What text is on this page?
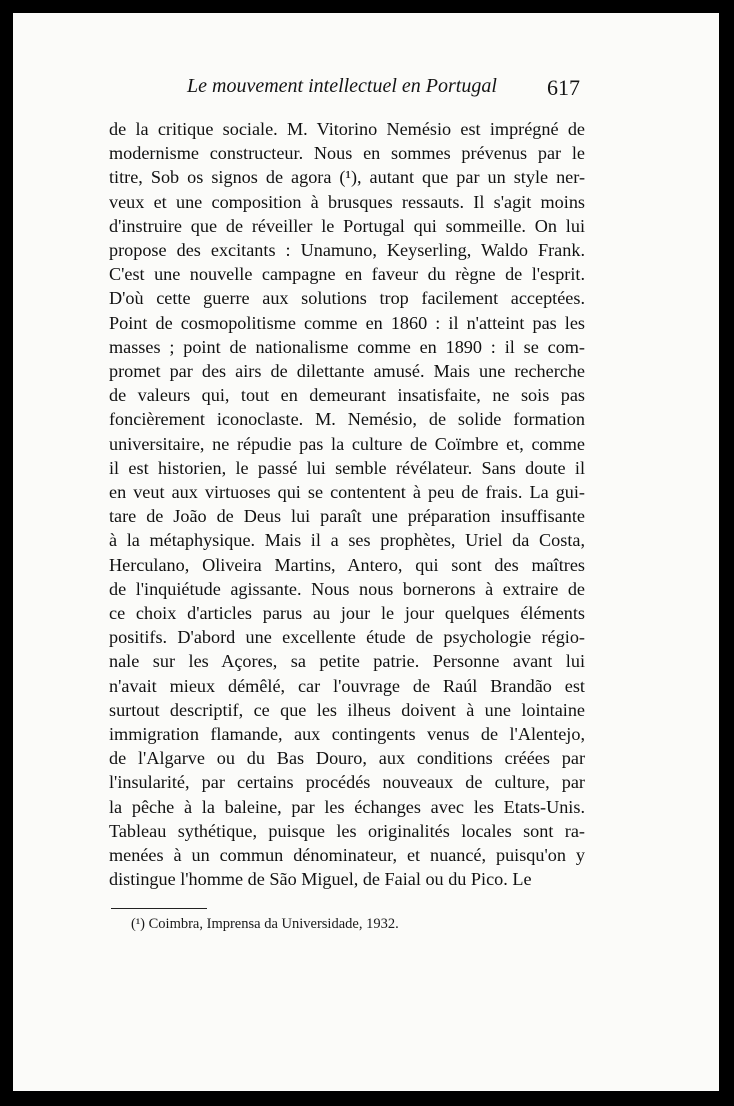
Le mouvement intellectuel en Portugal 617
de la critique sociale. M. Vitorino Nemésio est imprégné de
modernisme constructeur. Nous en sommes prévenus par le
titre, Sob os signos de agora (¹), autant que par un style ner-
veux et une composition à brusques ressauts. Il s'agit moins
d'instruire que de réveiller le Portugal qui sommeille. On lui
propose des excitants : Unamuno, Keyserling, Waldo Frank.
C'est une nouvelle campagne en faveur du règne de l'esprit.
D'où cette guerre aux solutions trop facilement acceptées.
Point de cosmopolitisme comme en 1860 : il n'atteint pas les
masses ; point de nationalisme comme en 1890 : il se com-
promet par des airs de dilettante amusé. Mais une recherche
de valeurs qui, tout en demeurant insatisfaite, ne sois pas
foncièrement iconoclaste. M. Nemésio, de solide formation
universitaire, ne répudie pas la culture de Coïmbre et, comme
il est historien, le passé lui semble révélateur. Sans doute il
en veut aux virtuoses qui se contentent à peu de frais. La gui-
tare de João de Deus lui paraît une préparation insuffisante
à la métaphysique. Mais il a ses prophètes, Uriel da Costa,
Herculano, Oliveira Martins, Antero, qui sont des maîtres
de l'inquiétude agissante. Nous nous bornerons à extraire de
ce choix d'articles parus au jour le jour quelques éléments
positifs. D'abord une excellente étude de psychologie régio-
nale sur les Açores, sa petite patrie. Personne avant lui
n'avait mieux démêlé, car l'ouvrage de Raúl Brandão est
surtout descriptif, ce que les ilheus doivent à une lointaine
immigration flamande, aux contingents venus de l'Alentejo,
de l'Algarve ou du Bas Douro, aux conditions créées par
l'insularité, par certains procédés nouveaux de culture, par
la pêche à la baleine, par les échanges avec les Etats-Unis.
Tableau sythétique, puisque les originalités locales sont ra-
menées à un commun dénominateur, et nuancé, puisqu'on y
distingue l'homme de São Miguel, de Faial ou du Pico. Le
(¹) Coimbra, Imprensa da Universidade, 1932.
